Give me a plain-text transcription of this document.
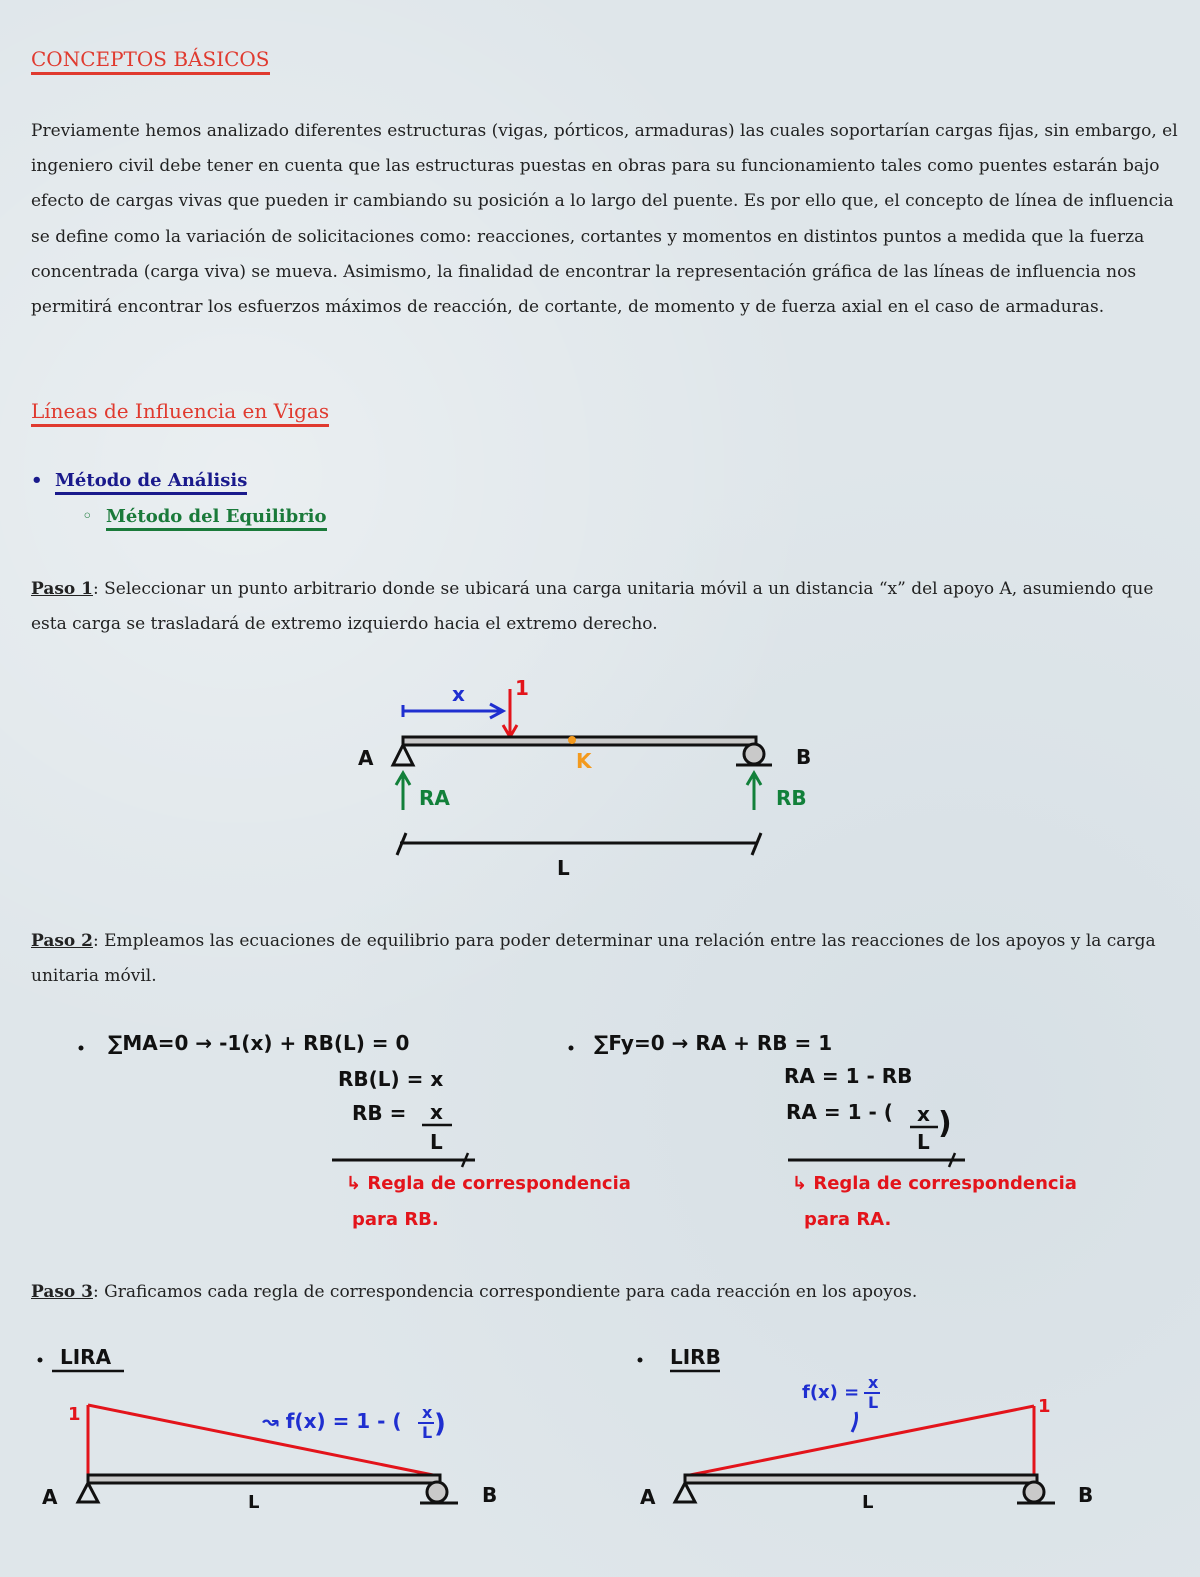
CONCEPTOS BÁSICOS
Previamente hemos analizado diferentes estructuras (vigas, pórticos, armaduras) las cuales soportarían cargas fijas, sin embargo, el ingeniero civil debe tener en cuenta que las estructuras puestas en obras para su funcionamiento tales como puentes estarán bajo efecto de cargas vivas que pueden ir cambiando su posición a lo largo del puente. Es por ello que, el concepto de línea de influencia se define como la variación de solicitaciones como: reacciones, cortantes y momentos en distintos puntos a medida que la fuerza concentrada (carga viva) se mueva. Asimismo, la finalidad de encontrar la representación gráfica de las líneas de influencia nos permitirá encontrar los esfuerzos máximos de reacción, de cortante, de momento y de fuerza axial en el caso de armaduras.
Líneas de Influencia en Vigas
• Método de Análisis
◦ Método del Equilibrio
Paso 1: Seleccionar un punto arbitrario donde se ubicará una carga unitaria móvil a un distancia “x” del apoyo A, asumiendo que esta carga se trasladará de extremo izquierdo hacia el extremo derecho.
x	1
K
A	B
RA	RB
L
Paso 2: Empleamos las ecuaciones de equilibrio para poder determinar una relación entre las reacciones de los apoyos y la carga unitaria móvil.
∑MA=0 → -1(x) + RB(L) = 0
RB(L) = x
RB = x
L
↳ Regla de correspondencia
para RB.
∑Fy=0 → RA + RB = 1
RA = 1 - RB
RA = 1 - ( x
L
)
↳ Regla de correspondencia
para RA.
Paso 3: Graficamos cada regla de correspondencia correspondiente para cada reacción en los apoyos.
LIRA
1	↝ f(x) = 1 - ( x
L )
A	B
L
LIRB
f(x) = x
L	1
A	B
L
